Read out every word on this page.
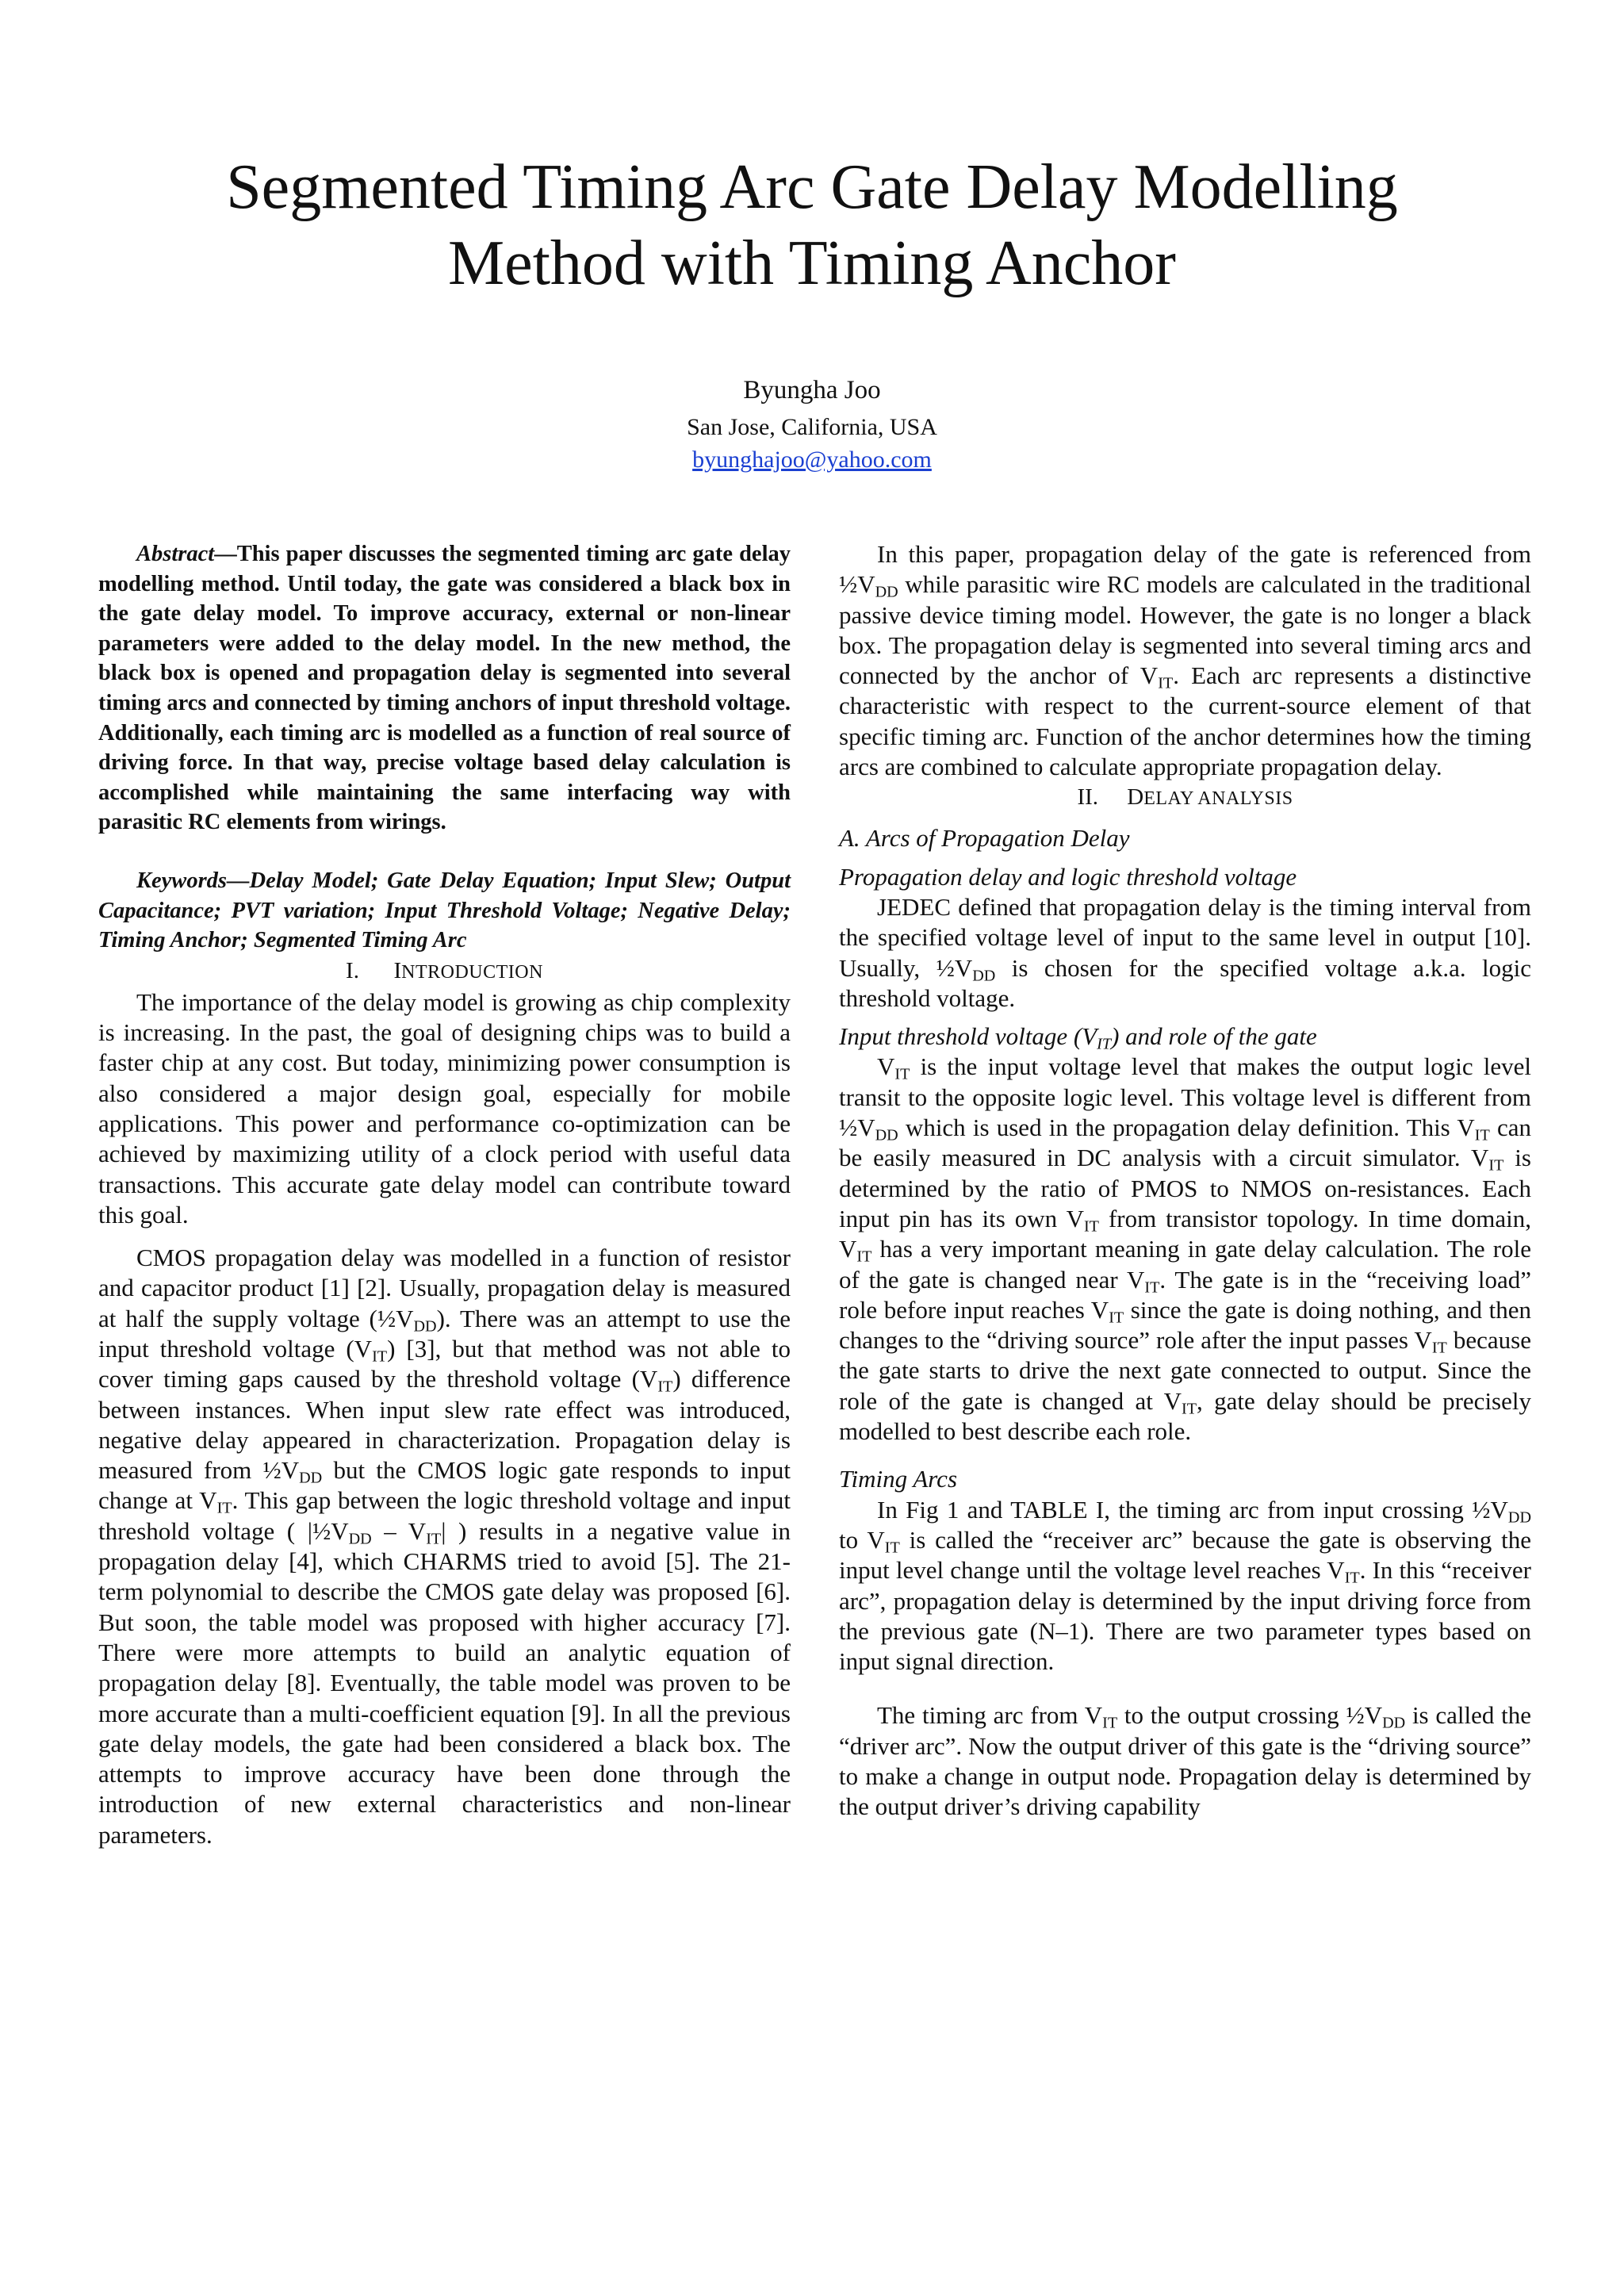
Segmented Timing Arc Gate Delay Modelling
Method with Timing Anchor
Byungha Joo
San Jose, California, USA
byunghajoo@yahoo.com

Abstract—This paper discusses the segmented timing arc gate delay modelling method. Until today, the gate was considered a black box in the gate delay model. To improve accuracy, external or non-linear parameters were added to the delay model. In the new method, the black box is opened and propagation delay is segmented into several timing arcs and connected by timing anchors of input threshold voltage. Additionally, each timing arc is modelled as a function of real source of driving force. In that way, precise voltage based delay calculation is accomplished while maintaining the same interfacing way with parasitic RC elements from wirings.

Keywords—Delay Model; Gate Delay Equation; Input Slew; Output Capacitance; PVT variation; Input Threshold Voltage; Negative Delay; Timing Anchor; Segmented Timing Arc

I. INTRODUCTION

The importance of the delay model is growing as chip complexity is increasing. In the past, the goal of designing chips was to build a faster chip at any cost. But today, minimizing power consumption is also considered a major design goal, especially for mobile applications. This power and performance co-optimization can be achieved by maximizing utility of a clock period with useful data transactions. This accurate gate delay model can contribute toward this goal.

CMOS propagation delay was modelled in a function of resistor and capacitor product [1] [2]. Usually, propagation delay is measured at half the supply voltage $(\frac{1}{2}V_{DD})$. There was an attempt to use the input threshold voltage $(V_{IT})$ [3], but that method was not able to cover timing gaps caused by the threshold voltage $(V_{IT})$ difference between instances. When input slew rate effect was introduced, negative delay appeared in characterization. Propagation delay is measured from $\frac{1}{2}V_{DD}$ but the CMOS logic gate responds to input change at $V_{IT}$. This gap between the logic threshold voltage and input threshold voltage ( $|\frac{1}{2}V_{DD} - V_{IT}|$ ) results in a negative value in propagation delay [4], which CHARMS tried to avoid [5]. The 21-term polynomial to describe the CMOS gate delay was proposed [6]. But soon, the table model was proposed with higher accuracy [7]. There were more attempts to build an analytic equation of propagation delay [8]. Eventually, the table model was proven to be more accurate than a multi-coefficient equation [9]. In all the previous gate delay models, the gate had been considered a black box. The attempts to improve accuracy have been done through the introduction of new external characteristics and non-linear parameters.

In this paper, propagation delay of the gate is referenced from $\frac{1}{2}V_{DD}$ while parasitic wire RC models are calculated in the traditional passive device timing model. However, the gate is no longer a black box. The propagation delay is segmented into several timing arcs and connected by the anchor of $V_{IT}$. Each arc represents a distinctive characteristic with respect to the current-source element of that specific timing arc. Function of the anchor determines how the timing arcs are combined to calculate appropriate propagation delay.

II. DELAY ANALYSIS

A. Arcs of Propagation Delay

Propagation delay and logic threshold voltage

JEDEC defined that propagation delay is the timing interval from the specified voltage level of input to the same level in output [10]. Usually, $\frac{1}{2}V_{DD}$ is chosen for the specified voltage a.k.a. logic threshold voltage.

Input threshold voltage $(V_{IT})$ and role of the gate

$V_{IT}$ is the input voltage level that makes the output logic level transit to the opposite logic level. This voltage level is different from $\frac{1}{2}V_{DD}$ which is used in the propagation delay definition. This $V_{IT}$ can be easily measured in DC analysis with a circuit simulator. $V_{IT}$ is determined by the ratio of PMOS to NMOS on-resistances. Each input pin has its own $V_{IT}$ from transistor topology. In time domain, $V_{IT}$ has a very important meaning in gate delay calculation. The role of the gate is changed near $V_{IT}$. The gate is in the “receiving load” role before input reaches $V_{IT}$ since the gate is doing nothing, and then changes to the “driving source” role after the input passes $V_{IT}$ because the gate starts to drive the next gate connected to output. Since the role of the gate is changed at $V_{IT}$, gate delay should be precisely modelled to best describe each role.

Timing Arcs

In Fig 1 and TABLE I, the timing arc from input crossing $\frac{1}{2}V_{DD}$ to $V_{IT}$ is called the “receiver arc” because the gate is observing the input level change until the voltage level reaches $V_{IT}$. In this “receiver arc”, propagation delay is determined by the input driving force from the previous gate (N–1). There are two parameter types based on input signal direction.

The timing arc from $V_{IT}$ to the output crossing $\frac{1}{2}V_{DD}$ is called the “driver arc”. Now the output driver of this gate is the “driving source” to make a change in output node. Propagation delay is determined by the output driver’s driving capability
